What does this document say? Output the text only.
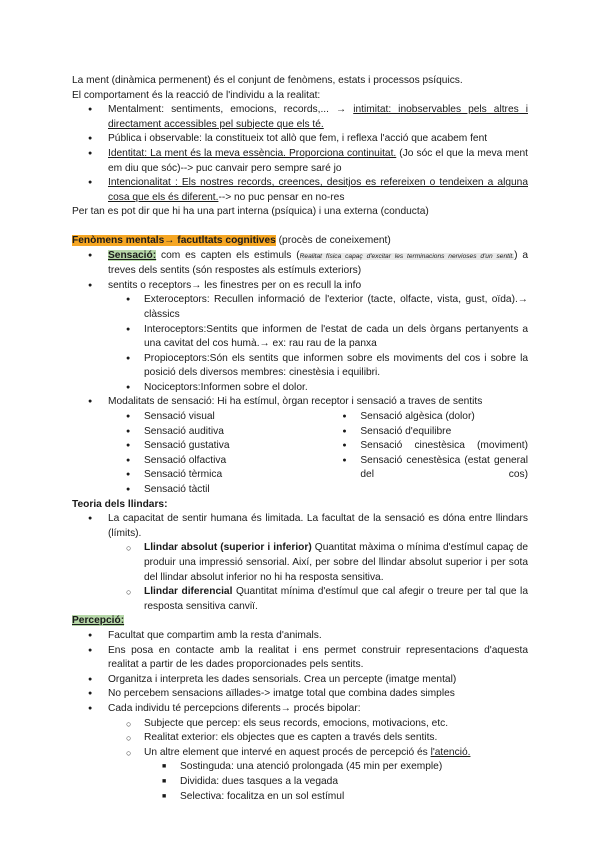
La ment (dinàmica permenent) és el conjunt de fenòmens, estats i processos psíquics.

El comportament és la reacció de l'individu a la realitat:

● Mentalment: sentiments, emocions, records,... → intimitat: inobservables pels altres i directament accessibles pel subjecte que els té.
● Pública i observable: la constitueix tot allò que fem, i reflexa l'acció que acabem fent
● Identitat: La ment és la meva essència. Proporciona continuitat. (Jo sóc el que la meva ment em diu que sóc)--> puc canvair pero sempre saré jo
● Intencionalitat : Els nostres records, creences, desitjos es refereixen o tendeixen a alguna cosa que els és diferent.--> no puc pensar en no-res

Per tan es pot dir que hi ha una part interna (psíquica) i una externa (conducta)

Fenòmens mentals→ facutltats cognitives (procès de coneixement)

● Sensació: com es capten els estimuls (Realitat física capaç d'excitar les terminacions nervioses d'un sentit.) a treves dels sentits (són respostes als estímuls exteriors)
● sentits o receptors→ les finestres per on es recull la info
● Exteroceptors: Recullen informació de l'exterior (tacte, olfacte, vista, gust, oïda).→ clàssics
● Interoceptors:Sentits que informen de l'estat de cada un dels òrgans pertanyents a una cavitat del cos humà.→ ex: rau rau de la panxa
● Propioceptors:Són els sentits que informen sobre els moviments del cos i sobre la posició dels diversos membres: cinestèsia i equilibri.
● Nociceptors:Informen sobre el dolor.
● Modalitats de sensació: Hi ha estímul, òrgan receptor i sensació a traves de sentits
● Sensació visual
● Sensació auditiva
● Sensació gustativa
● Sensació olfactiva
● Sensació tèrmica
● Sensació tàctil
● Sensació algèsica (dolor)
● Sensació d'equilibre
● Sensació cinestèsica (moviment)
● Sensació cenestèsica (estat general del cos)

Teoria dels llindars:

● La capacitat de sentir humana és limitada. La facultat de la sensació es dóna entre llindars (límits).
○ Llindar absolut (superior i inferior) Quantitat màxima o mínima d'estímul capaç de produir una impressió sensorial. Així, per sobre del llindar absolut superior i per sota del llindar absolut inferior no hi ha resposta sensitiva.
○ Llindar diferencial Quantitat mínima d'estímul que cal afegir o treure per tal que la resposta sensitiva canviï.

Percepció:

● Facultat que compartim amb la resta d'animals.
● Ens posa en contacte amb la realitat i ens permet construir representacions d'aquesta realitat a partir de les dades proporcionades pels sentits.
● Organitza i interpreta les dades sensorials. Crea un percepte (imatge mental)
● No percebem sensacions aïllades-> imatge total que combina dades simples
● Cada individu té percepcions diferents→ procés bipolar:
○ Subjecte que percep: els seus records, emocions, motivacions, etc.
○ Realitat exterior: els objectes que es capten a través dels sentits.
○ Un altre element que intervé en aquest procés de percepció és l'atenció.
■ Sostinguda: una atenció prolongada (45 min per exemple)
■ Dividida: dues tasques a la vegada
■ Selectiva: focalitza en un sol estímul
